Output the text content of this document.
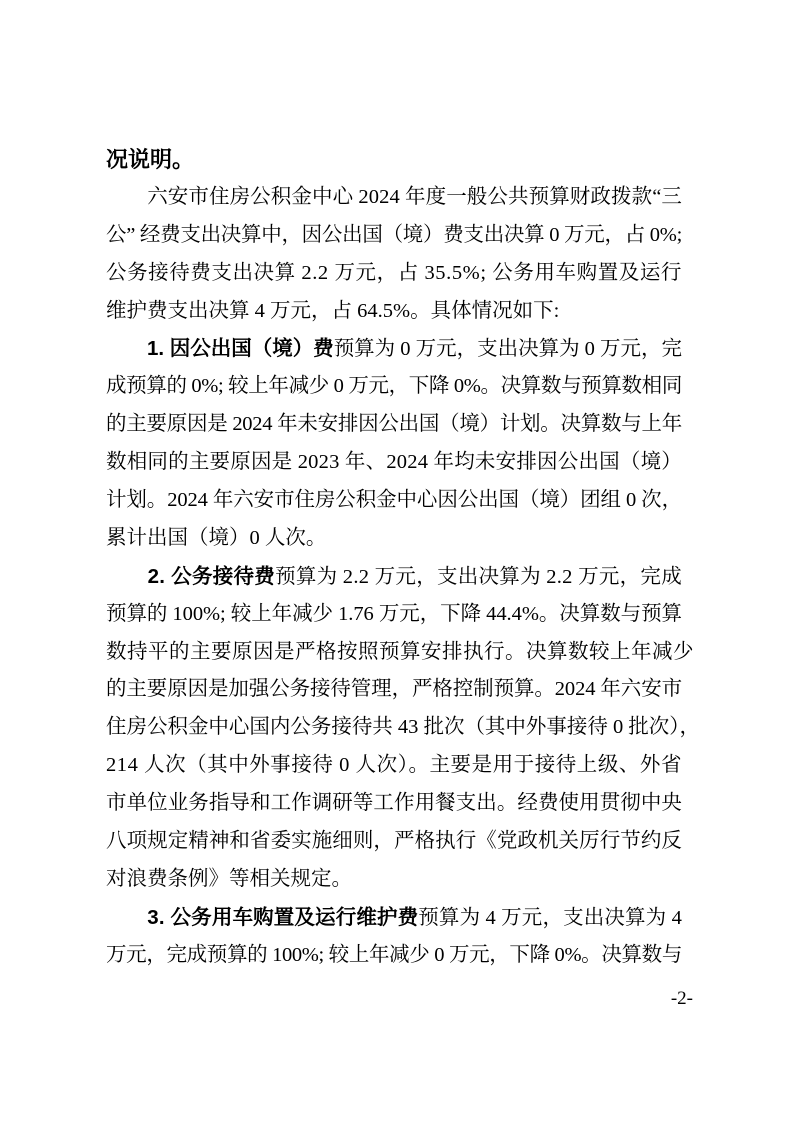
况说明。
　　六安市住房公积金中心 2024 年度一般公共预算财政拨款“三
公” 经费支出决算中，因公出国（境）费支出决算 0 万元，占 0%;
公务接待费支出决算 2.2 万元，占 35.5%; 公务用车购置及运行
维护费支出决算 4 万元，占 64.5%。具体情况如下:
　　1. 因公出国（境）费预算为 0 万元，支出决算为 0 万元，完
成预算的 0%; 较上年减少 0 万元，下降 0%。决算数与预算数相同
的主要原因是 2024 年未安排因公出国（境）计划。决算数与上年
数相同的主要原因是 2023 年、2024 年均未安排因公出国（境）
计划。2024 年六安市住房公积金中心因公出国（境）团组 0 次，
累计出国（境）0 人次。
　　2. 公务接待费预算为 2.2 万元，支出决算为 2.2 万元，完成
预算的 100%; 较上年减少 1.76 万元，下降 44.4%。决算数与预算
数持平的主要原因是严格按照预算安排执行。决算数较上年减少
的主要原因是加强公务接待管理，严格控制预算。2024 年六安市
住房公积金中心国内公务接待共 43 批次（其中外事接待 0 批次），
214 人次（其中外事接待 0 人次）。主要是用于接待上级、外省
市单位业务指导和工作调研等工作用餐支出。经费使用贯彻中央
八项规定精神和省委实施细则，严格执行《党政机关厉行节约反
对浪费条例》等相关规定。
　　3. 公务用车购置及运行维护费预算为 4 万元，支出决算为 4
万元，完成预算的 100%; 较上年减少 0 万元，下降 0%。决算数与
-2-
